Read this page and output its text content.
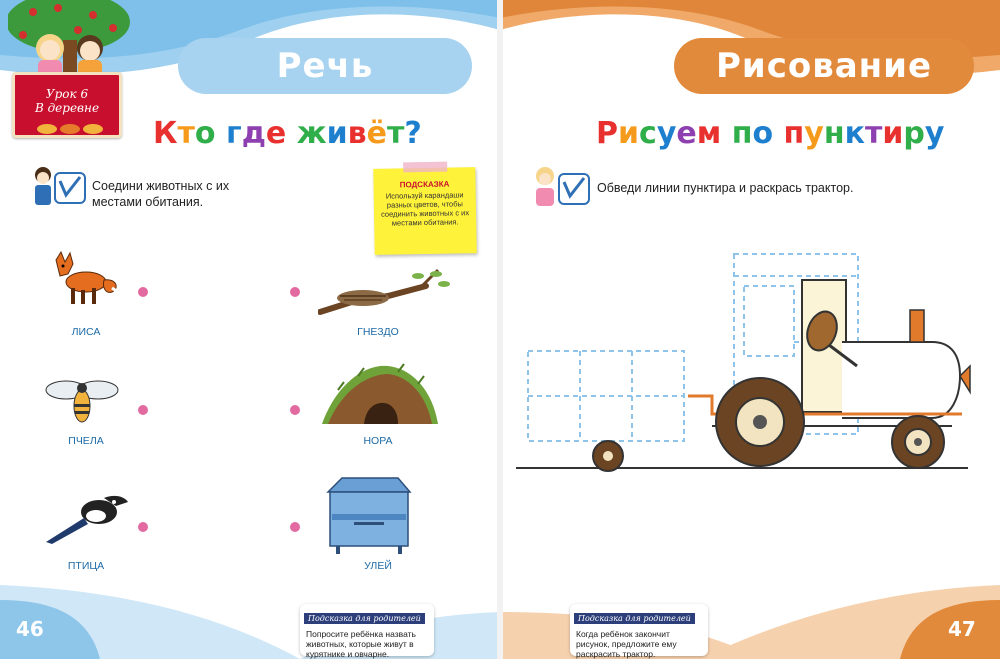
Речь
Урок 6
В деревне
Кто где живёт?
Соедини животных с их местами обитания.
ПОДСКАЗКА
Используй карандаши разных цветов, чтобы соединить животных с их местами обитания.
ЛИСА
ПЧЕЛА
ПТИЦА
ГНЕЗДО
НОРА
УЛЕЙ
Подсказка для родителей
Попросите ребёнка назвать животных, которые живут в курятнике и овчарне.
46
Рисование
Рисуем по пунктиру
Обведи линии пунктира и раскрась трактор.
Подсказка для родителей
Когда ребёнок закончит рисунок, предложите ему раскрасить трактор.
47
